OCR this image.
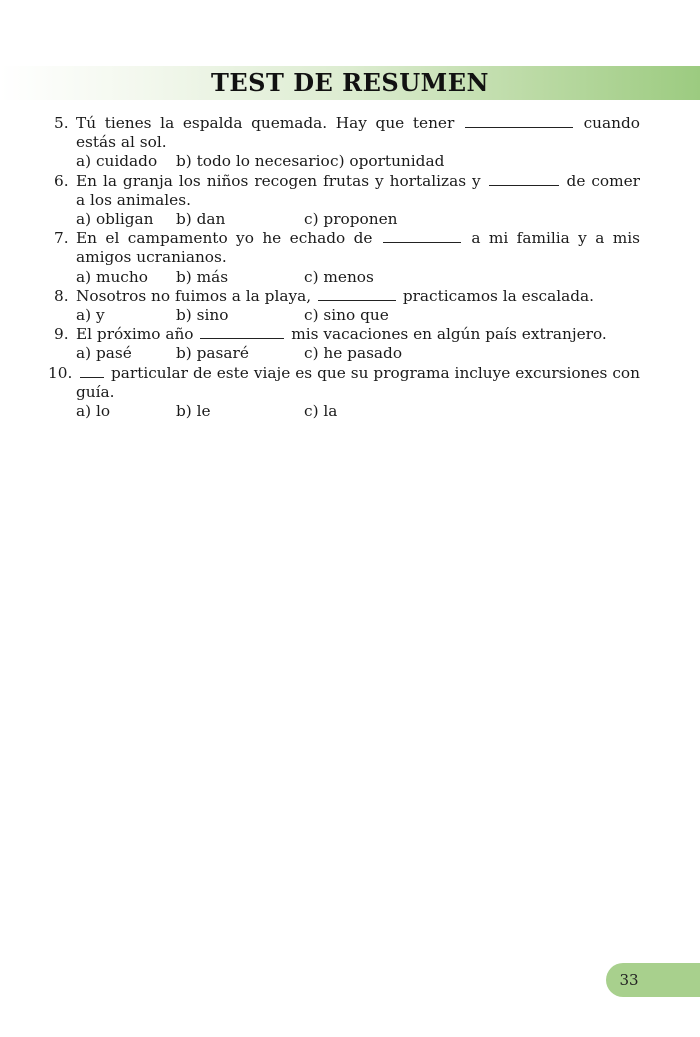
TEST DE RESUMEN
5. Tú tienes la espalda quemada. Hay que tener	cuando estás al sol.
a) cuidado b) todo lo necesario c) oportunidad
6. En la granja los niños recogen frutas y hortalizas y	de comer a los animales.
a) obligan b) dan	c) proponen
7. En el campamento yo he echado de	a mi familia y a mis amigos ucranianos.
a) mucho b) más	c) menos
8. Nosotros no fuimos a la playa,	practicamos la escalada.
a) y	b) sino	c) sino que
9. El próximo año	mis vacaciones en algún país extranjero.
a) pasé	b) pasaré	c) he pasado
10.	particular de este viaje es que su programa incluye excursiones con guía.
a) lo	b) le	c) la
33
